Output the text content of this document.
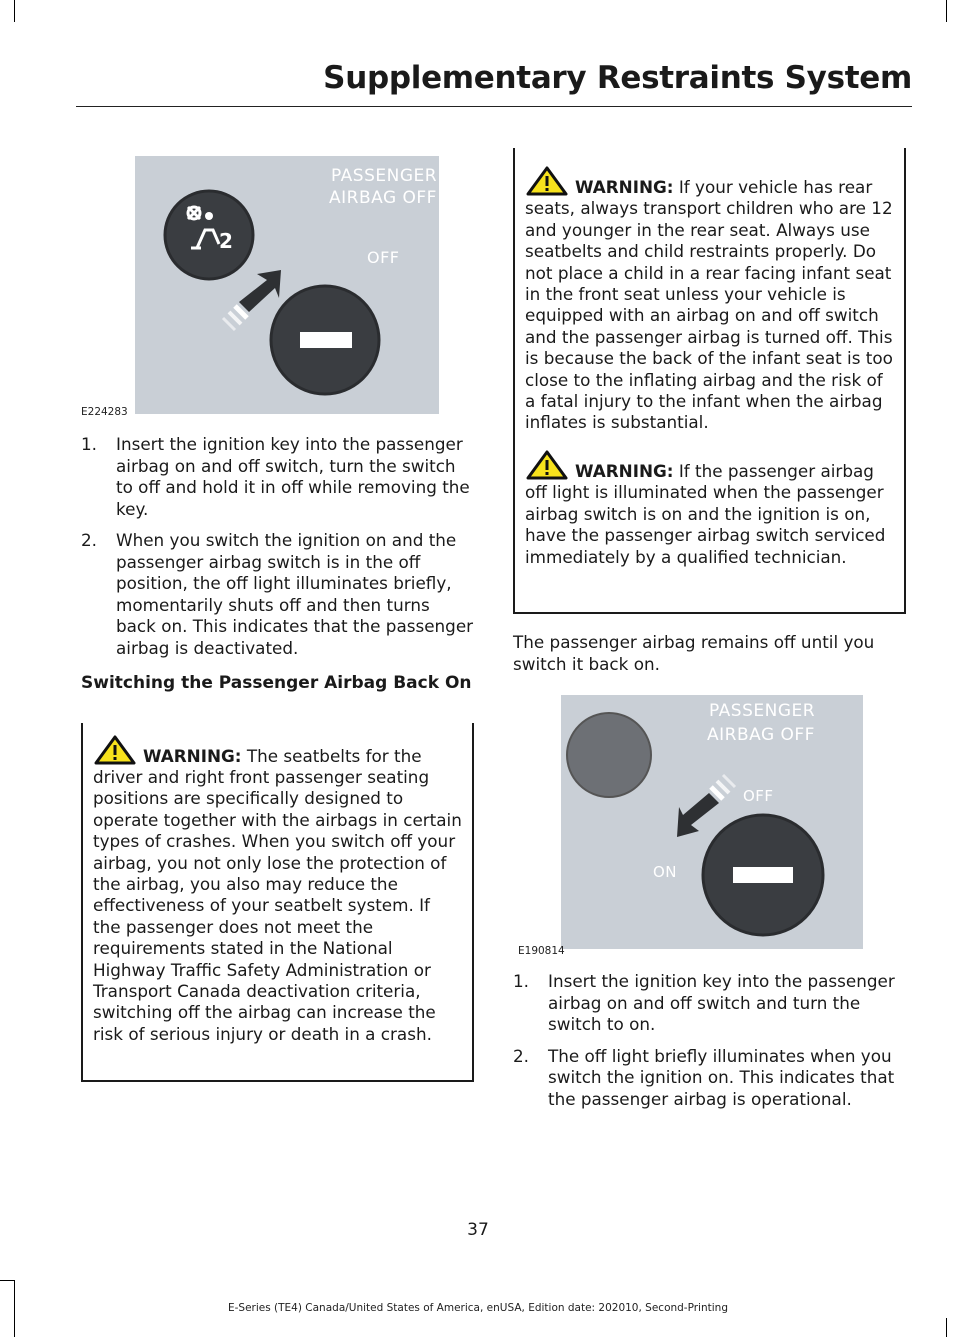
Supplementary Restraints System
PASSENGER
AIRBAG OFF
OFF
2
E224283
1. Insert the ignition key into the passenger airbag on and off switch, turn the switch to off and hold it in off while removing the key.
2. When you switch the ignition on and the passenger airbag switch is in the off position, the off light illuminates briefly, momentarily shuts off and then turns back on. This indicates that the passenger airbag is deactivated.
Switching the Passenger Airbag Back On

WARNING: The seatbelts for the driver and right front passenger seating positions are specifically designed to operate together with the airbags in certain types of crashes. When you switch off your airbag, you not only lose the protection of the airbag, you also may reduce the effectiveness of your seatbelt system. If the passenger does not meet the requirements stated in the National Highway Traffic Safety Administration or Transport Canada deactivation criteria, switching off the airbag can increase the risk of serious injury or death in a crash.

WARNING: If your vehicle has rear seats, always transport children who are 12 and younger in the rear seat. Always use seatbelts and child restraints properly. Do not place a child in a rear facing infant seat in the front seat unless your vehicle is equipped with an airbag on and off switch and the passenger airbag is turned off. This is because the back of the infant seat is too close to the inflating airbag and the risk of a fatal injury to the infant when the airbag inflates is substantial.

WARNING: If the passenger airbag off light is illuminated when the passenger airbag switch is on and the ignition is on, have the passenger airbag switch serviced immediately by a qualified technician.

The passenger airbag remains off until you switch it back on.

PASSENGER
AIRBAG OFF
OFF
ON
E190814
1. Insert the ignition key into the passenger airbag on and off switch and turn the switch to on.
2. The off light briefly illuminates when you switch the ignition on. This indicates that the passenger airbag is operational.
37
E-Series (TE4) Canada/United States of America, enUSA, Edition date: 202010, Second-Printing
